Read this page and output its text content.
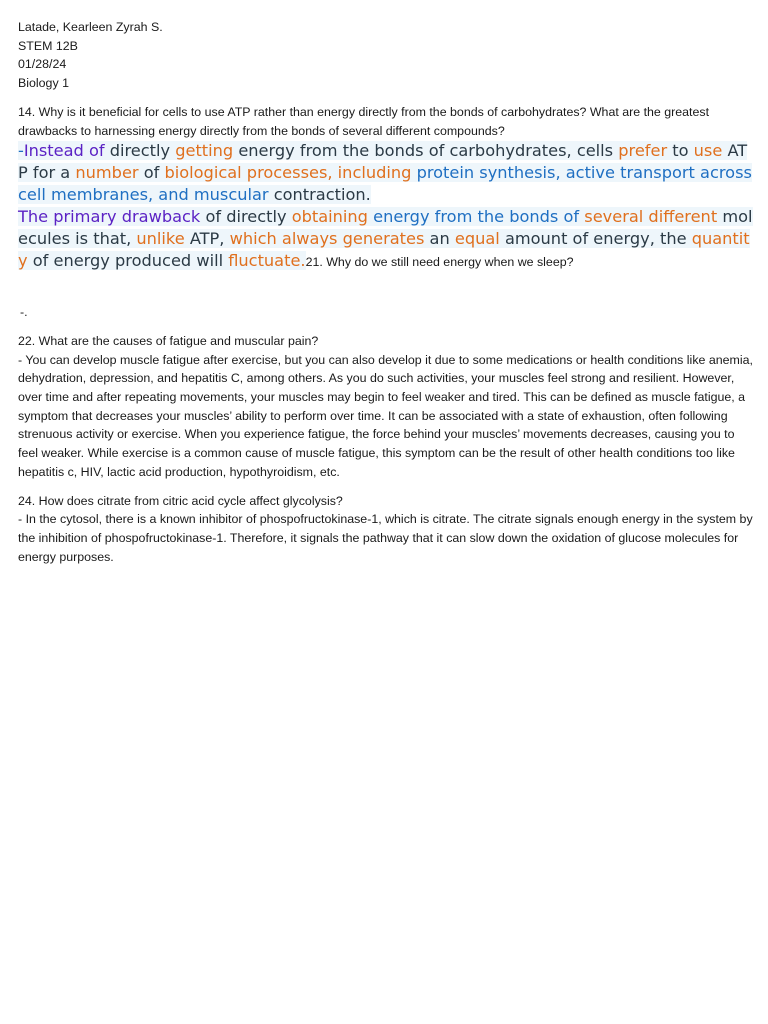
Latade, Kearleen Zyrah S.
STEM 12B
01/28/24
Biology 1
14. Why is it beneficial for cells to use ATP rather than energy directly from the bonds of carbohydrates? What are the greatest drawbacks to harnessing energy directly from the bonds of several different compounds?
-Instead of directly getting energy from the bonds of carbohydrates, cells prefer to use ATP for a number of biological processes, including protein synthesis, active transport across cell membranes, and muscular contraction.
The primary drawback of directly obtaining energy from the bonds of several different molecules is that, unlike ATP, which always generates an equal amount of energy, the quantity of energy produced will fluctuate.21. Why do we still need energy when we sleep?
-.
22. What are the causes of fatigue and muscular pain?
- You can develop muscle fatigue after exercise, but you can also develop it due to some medications or health conditions like anemia, dehydration, depression, and hepatitis C, among others. As you do such activities, your muscles feel strong and resilient. However, over time and after repeating movements, your muscles may begin to feel weaker and tired. This can be defined as muscle fatigue, a symptom that decreases your muscles’ ability to perform over time. It can be associated with a state of exhaustion, often following strenuous activity or exercise. When you experience fatigue, the force behind your muscles’ movements decreases, causing you to feel weaker. While exercise is a common cause of muscle fatigue, this symptom can be the result of other health conditions too like hepatitis c, HIV, lactic acid production, hypothyroidism, etc.
24. How does citrate from citric acid cycle affect glycolysis?
- In the cytosol, there is a known inhibitor of phospofructokinase-1, which is citrate. The citrate signals enough energy in the system by the inhibition of phospofructokinase-1. Therefore, it signals the pathway that it can slow down the oxidation of glucose molecules for energy purposes.
